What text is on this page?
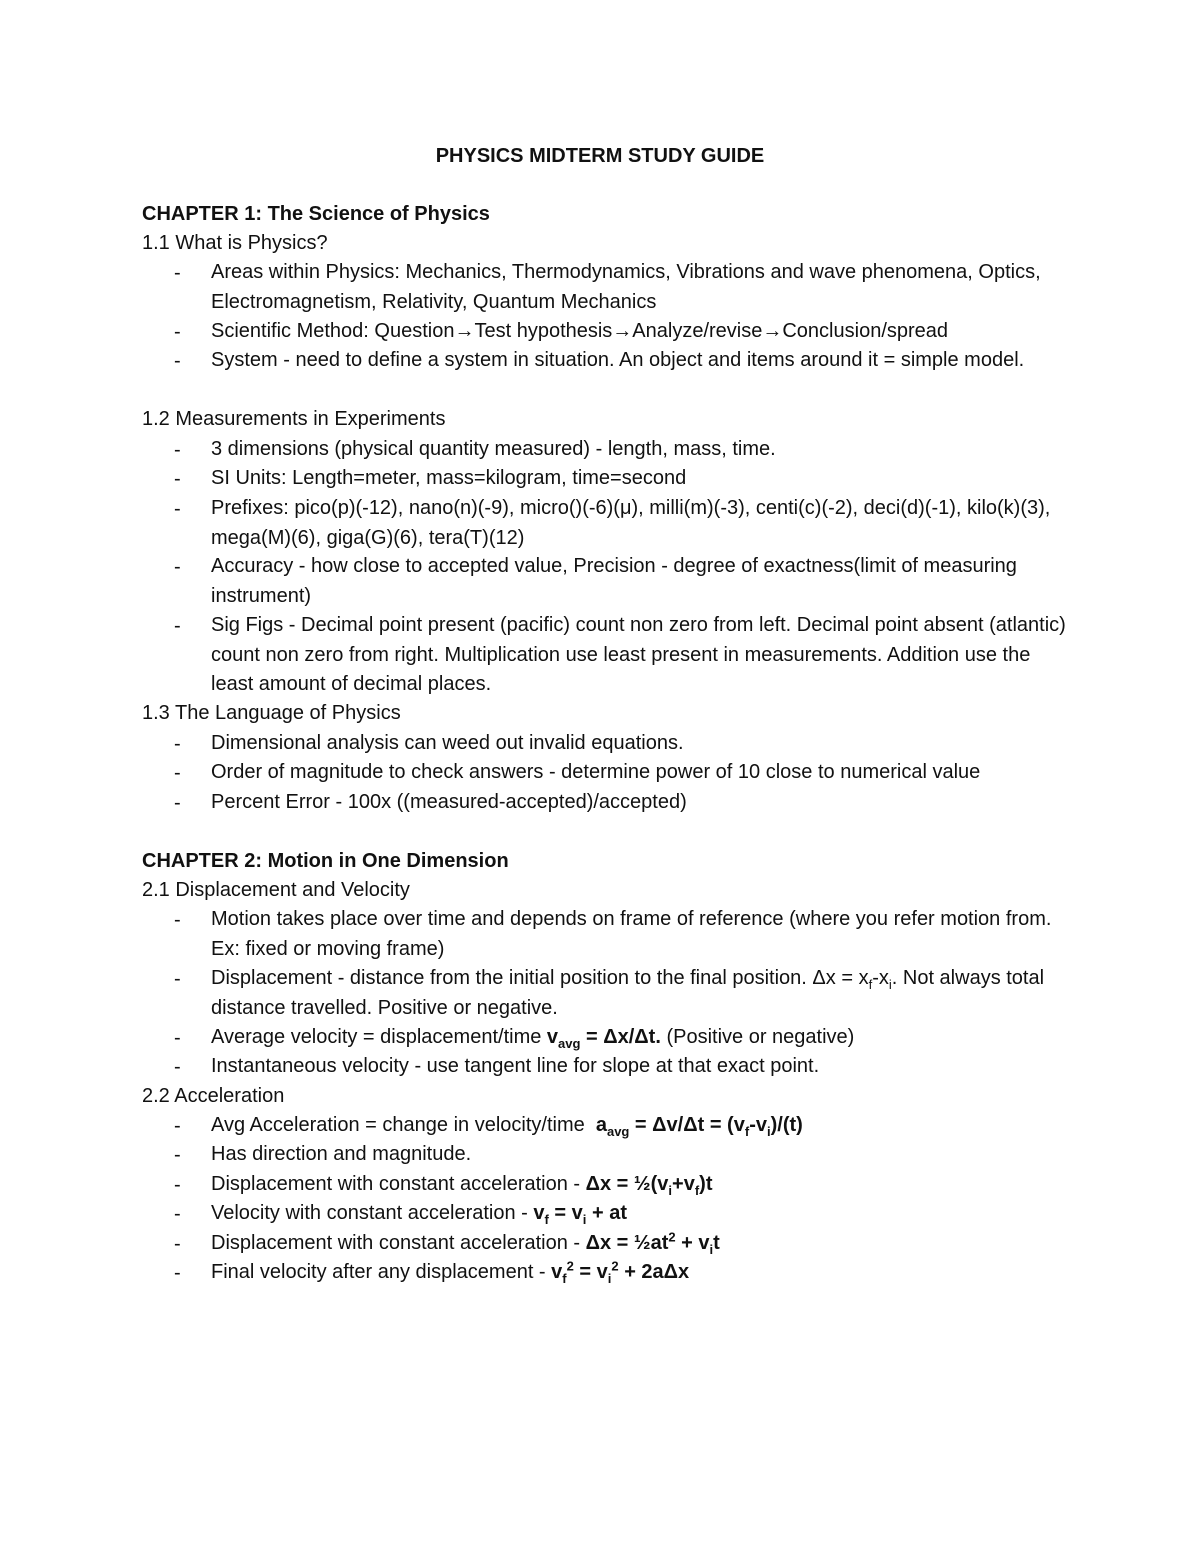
PHYSICS MIDTERM STUDY GUIDE
CHAPTER 1: The Science of Physics
1.1 What is Physics?
- Areas within Physics: Mechanics, Thermodynamics, Vibrations and wave phenomena, Optics, Electromagnetism, Relativity, Quantum Mechanics
- Scientific Method: Question→Test hypothesis→Analyze/revise→Conclusion/spread
- System - need to define a system in situation. An object and items around it = simple model.
1.2 Measurements in Experiments
- 3 dimensions (physical quantity measured) - length, mass, time.
- SI Units: Length=meter, mass=kilogram, time=second
- Prefixes: pico(p)(-12), nano(n)(-9), micro()(-6)(μ), milli(m)(-3), centi(c)(-2), deci(d)(-1), kilo(k)(3), mega(M)(6), giga(G)(6), tera(T)(12)
- Accuracy - how close to accepted value, Precision - degree of exactness(limit of measuring instrument)
- Sig Figs - Decimal point present (pacific) count non zero from left. Decimal point absent (atlantic) count non zero from right. Multiplication use least present in measurements. Addition use the least amount of decimal places.
1.3 The Language of Physics
- Dimensional analysis can weed out invalid equations.
- Order of magnitude to check answers - determine power of 10 close to numerical value
- Percent Error - 100x ((measured-accepted)/accepted)
CHAPTER 2: Motion in One Dimension
2.1 Displacement and Velocity
- Motion takes place over time and depends on frame of reference (where you refer motion from. Ex: fixed or moving frame)
- Displacement - distance from the initial position to the final position. $\Delta x = x_f-x_i$. Not always total distance travelled. Positive or negative.
- Average velocity = displacement/time $v_{avg} = \Delta x/\Delta t$. (Positive or negative)
- Instantaneous velocity - use tangent line for slope at that exact point.
2.2 Acceleration
- Avg Acceleration = change in velocity/time  $a_{avg} = \Delta v/\Delta t = (v_f-v_i)/(t)$
- Has direction and magnitude.
- Displacement with constant acceleration - $\Delta x = \frac{1}{2}(v_i+v_f)t$
- Velocity with constant acceleration - $v_f = v_i$ + at
- Displacement with constant acceleration - $\Delta x = \frac{1}{2}at^2 + v_it$
- Final velocity after any displacement - $v_f^2 = v_i^2 + 2a\Delta x$
